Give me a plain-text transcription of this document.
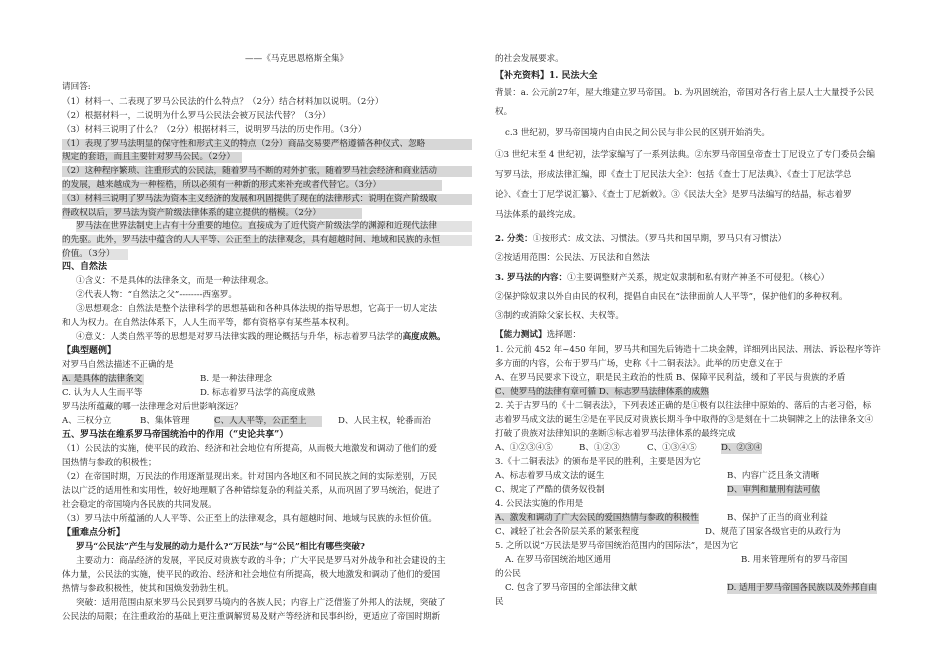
——《马克思恩格斯全集》
请回答:
（1）材料一、二表现了罗马公民法的什么特点？（2分）结合材料加以说明。（2分）
（2）根据材料一，二说明为什么罗马公民法会被万民法代替？（3分）
（3）材料三说明了什么？（2分）根据材料三，说明罗马法的历史作用。（3分）
（1）表现了罗马法明显的保守性和形式主义的特点（2分）商品交易要严格遵循各种仪式、忽略
规定的套语，而且主要针对罗马公民。（2分）
（2）这种程序繁琐、注重形式的公民法，随着罗马不断的对外扩张，随着罗马社会经济和商业活动
的发展，越来越成为一种桎梏，所以必须有一种新的形式来补充或者代替它。（3分）
（3）材料三说明了罗马法为资本主义经济的发展和巩固提供了现在的法律形式：说明在资产阶级取
得政权以后，罗马法为资产阶级法律体系的建立提供的楷模。（2分）
罗马法在世界法制史上占有十分重要的地位。直接成为了近代资产阶级法学的渊源和近现代法律
的先驱。此外，罗马法中蕴含的人人平等、公正至上的法律观念，具有超越时间、地域和民族的永恒
价值。（3分）
四、自然法
①含义：不是具体的法律条文，而是一种法律观念。
②代表人物：“自然法之父”--------西塞罗。
③思想观念：自然法是整个法律科学的思想基础和各种具体法规的指导思想，它高于一切人定法
和人为权力。在自然法体系下，人人生而平等，都有资格享有某些基本权利。
④意义：人类自然平等的思想是对罗马法律实践的理论概括与升华，标志着罗马法学的高度成熟。
【典型题例】
对罗马自然法描述不正确的是
A. 是具体的法律条文	B. 是一种法律理念
C. 认为人人生而平等	D. 标志着罗马法学的高度成熟
罗马法所蕴藏的哪一法律理念对后世影响深远？
A、三权分立	B、集体管理	C、人人平等，公正至上	D、人民主权，轮番而治
五、罗马法在维系罗马帝国统治中的作用（“史论共享”）
（1）公民法的实施，使平民的政治、经济和社会地位有所提高，从而极大地激发和调动了他们的爱
国热情与参政的积极性；
（2）在帝国时期，万民法的作用逐渐显现出来。针对国内各地区和不同民族之间的实际差别，万民
法以广泛的适用性和实用性，较好地理顺了各种错综复杂的利益关系，从而巩固了罗马统治，促进了
社会稳定的帝国境内各民族的共同发展。
（3）罗马法中所蕴涵的人人平等、公正至上的法律观念，具有超越时间、地域与民族的永恒价值。
【重难点分析】
罗马“公民法”产生与发展的动力是什么?“万民法”与“公民”相比有哪些突破?
主要动力：商品经济的发展，平民反对贵族专政的斗争；广大平民是罗马对外战争和社会建设的主
体力量，公民法的实施，使平民的政治、经济和社会地位有所提高，极大地激发和调动了他们的爱国
热情与参政积极性，使其和国焕发勃勃生机。
突破：适用范围由原来罗马公民到罗马境内的各族人民；内容上广泛借鉴了外邦人的法规，突破了
公民法的局限；在注重政治的基础上更注重调解贸易及财产等经济和民事纠纷，更适应了帝国时期新
的社会发展要求。
【补充资料】1. 民法大全
背景：a. 公元前27年，屋大维建立罗马帝国。 b. 为巩固统治，帝国对各行省上层人士大量授予公民
权。
c.3 世纪初，罗马帝国境内自由民之间公民与非公民的区别开始消失。
①3 世纪末至 4 世纪初，法学家编写了一系列法典。②东罗马帝国皇帝查士丁尼设立了专门委员会编
写罗马法，形成法律汇编，即《查士丁尼民法大全》：包括《查士丁尼法典》、《查士丁尼法学总
论》、《查士丁尼学说汇纂》、《查士丁尼新敕》。③《民法大全》是罗马法编写的结晶，标志着罗
马法体系的最终完成。
2. 分类：①按形式：成文法、习惯法。（罗马共和国早期，罗马只有习惯法）
②按适用范围：公民法、万民法和自然法
3. 罗马法的内容：①主要调整财产关系，规定奴隶制和私有财产神圣不可侵犯。（核心）
②保护除奴隶以外自由民的权利，提倡自由民在“法律面前人人平等”，保护他们的多种权利。
③制约或消除父家长权、夫权等。
【能力测试】选择题：
1. 公元前 452 年~450 年间，罗马共和国先后铸造十二块金牌，详细列出民法、刑法、诉讼程序等许
多方面的内容，公布于罗马广场，史称《十二铜表法》。此举的历史意义在于
A、在罗马民要求下设立，职是民主政治的性质 B、保障平民利益，缓和了平民与贵族的矛盾
C、使罗马的法律有章可循 D、标志罗马法律体系的成熟
2. 关于古罗马的《十二铜表法》，下列表述正确的是①极有以往法律中原始的、落后的古老习俗，标
志着罗马成文法的诞生②是在平民反对贵族长期斗争中取得的③是刻在十二块铜牌之上的法律条文④
打破了贵族对法律知识的垄断⑤标志着罗马法律体系的最终完成
A、①②③④⑤	B、①②③	C、①③④⑤	D、②③④
3.《十二铜表法》的颁布是平民的胜利，主要是因为它
A、标志着罗马成文法的诞生	B、内容广泛且条文清晰
C、规定了严酷的债务奴役制	D、审判和量刑有法可依
4. 公民法实施的作用是
A、激发和调动了广大公民的爱国热情与参政的积极性	B、保护了正当的商业利益
C、减轻了社会各阶层关系的紧张程度	D、规范了国家各级官吏的从政行为
5. 之所以说“万民法是罗马帝国统治范围内的国际法”，是因为它
A. 在罗马帝国统治地区通用	B. 用来管理所有的罗马帝国
的公民
C. 包含了罗马帝国的全部法律文献	D. 适用于罗马帝国各民族以及外邦自由
民
